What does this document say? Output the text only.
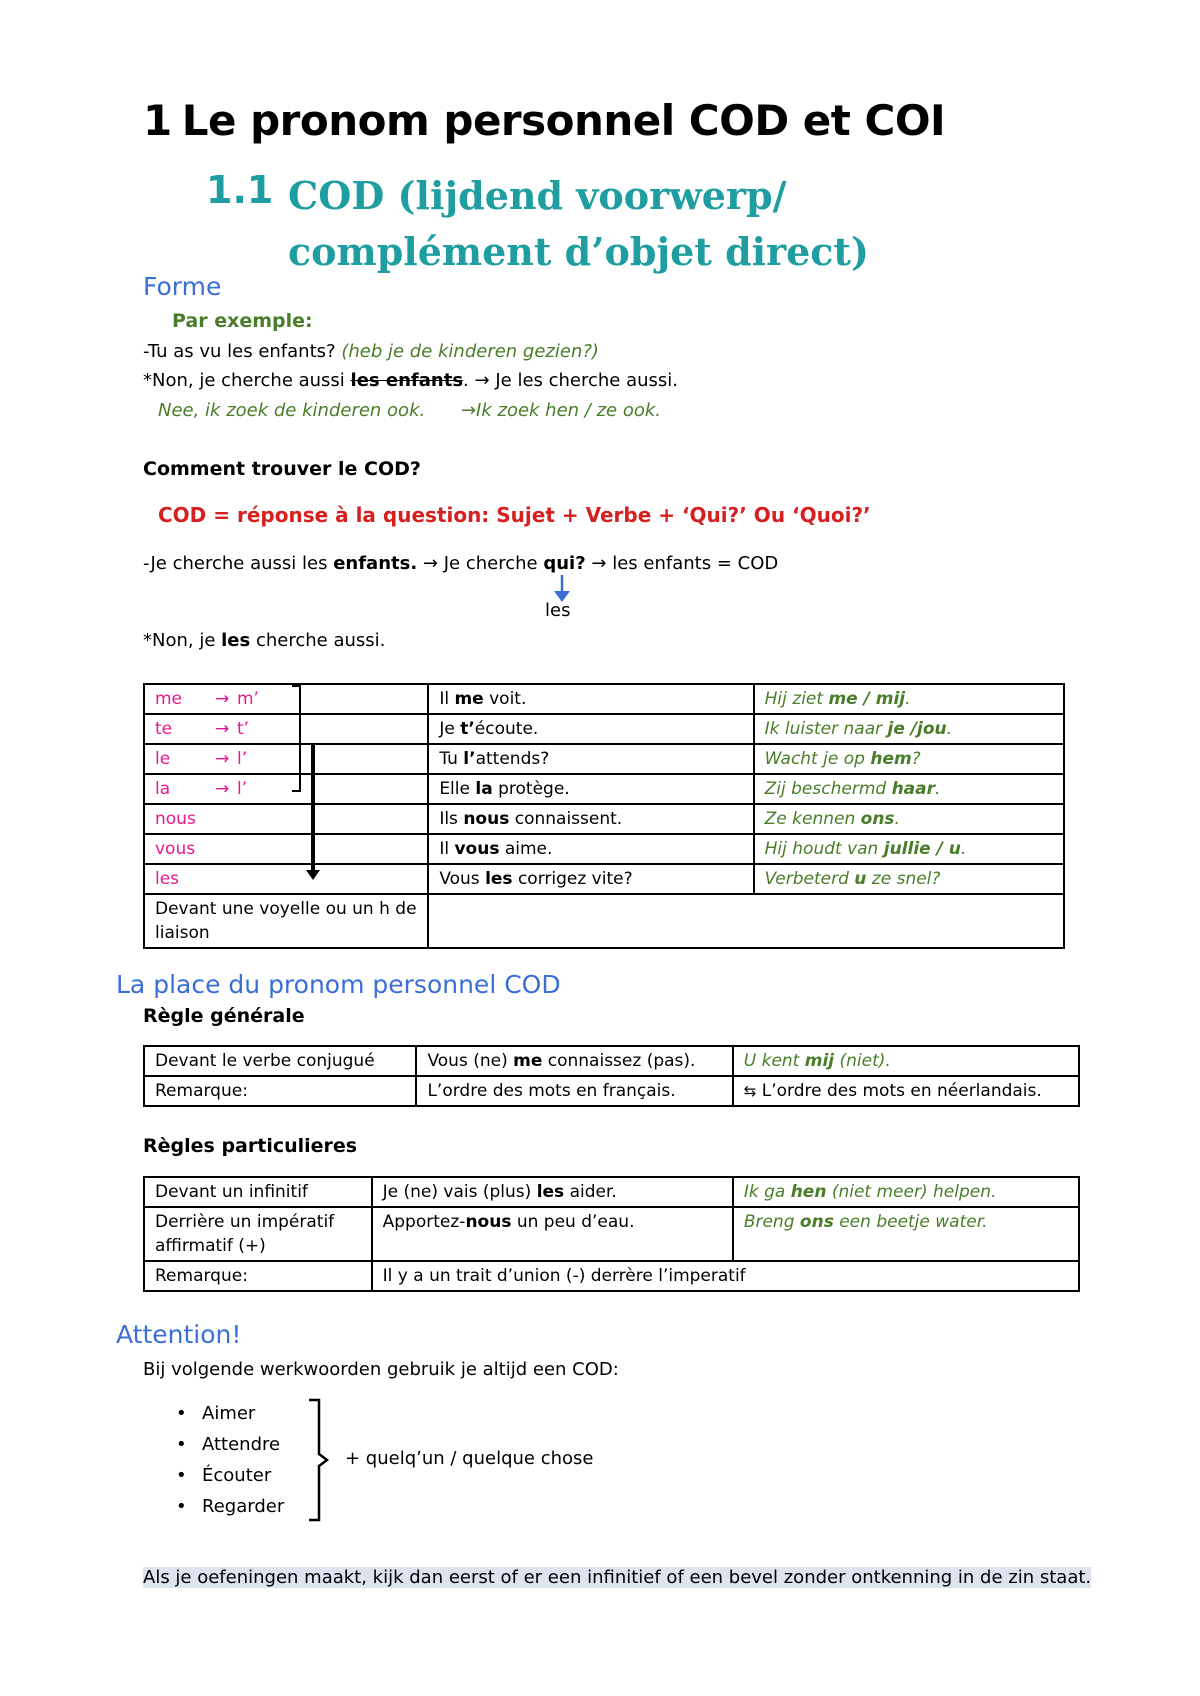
1 Le pronom personnel COD et COI
1.1 COD (lijdend voorwerp/ complément d’objet direct)
Forme
Par exemple:
-Tu as vu les enfants? (heb je de kinderen gezien?)
*Non, je cherche aussi les enfants. → Je les cherche aussi.
Nee, ik zoek de kinderen ook. →Ik zoek hen / ze ook.
Comment trouver le COD?
COD = réponse à la question: Sujet + Verbe + ‘Qui?’ Ou ‘Quoi?’
-Je cherche aussi les enfants. → Je cherche qui? → les enfants = COD
les
*Non, je les cherche aussi.
me → m’	Il me voit.	Hij ziet me / mij.
te → t’	Je t’écoute.	Ik luister naar je /jou.
le → l’	Tu l’attends?	Wacht je op hem?
la → l’	Elle la protège.	Zij beschermd haar.
nous	Ils nous connaissent.	Ze kennen ons.
vous	Il vous aime.	Hij houdt van jullie / u.
les	Vous les corrigez vite?	Verbeterd u ze snel?
Devant une voyelle ou un h de liaison		
La place du pronom personnel COD
Règle générale
Devant le verbe conjugué	Vous (ne) me connaissez (pas).	U kent mij (niet).
Remarque:	L’ordre des mots en français.	⇆ L’ordre des mots en néerlandais.
Règles particulieres
Devant un infinitif	Je (ne) vais (plus) les aider.	Ik ga hen (niet meer) helpen.
Derrière un impératif affirmatif (+)	Apportez-nous un peu d’eau.	Breng ons een beetje water.
Remarque:	Il y a un trait d’union (-) derrère l’imperatif	
Attention!
Bij volgende werkwoorden gebruik je altijd een COD:
• Aimer
• Attendre
• Écouter
• Regarder
+ quelq’un / quelque chose
Als je oefeningen maakt, kijk dan eerst of er een infinitief of een bevel zonder ontkenning in de zin staat.
